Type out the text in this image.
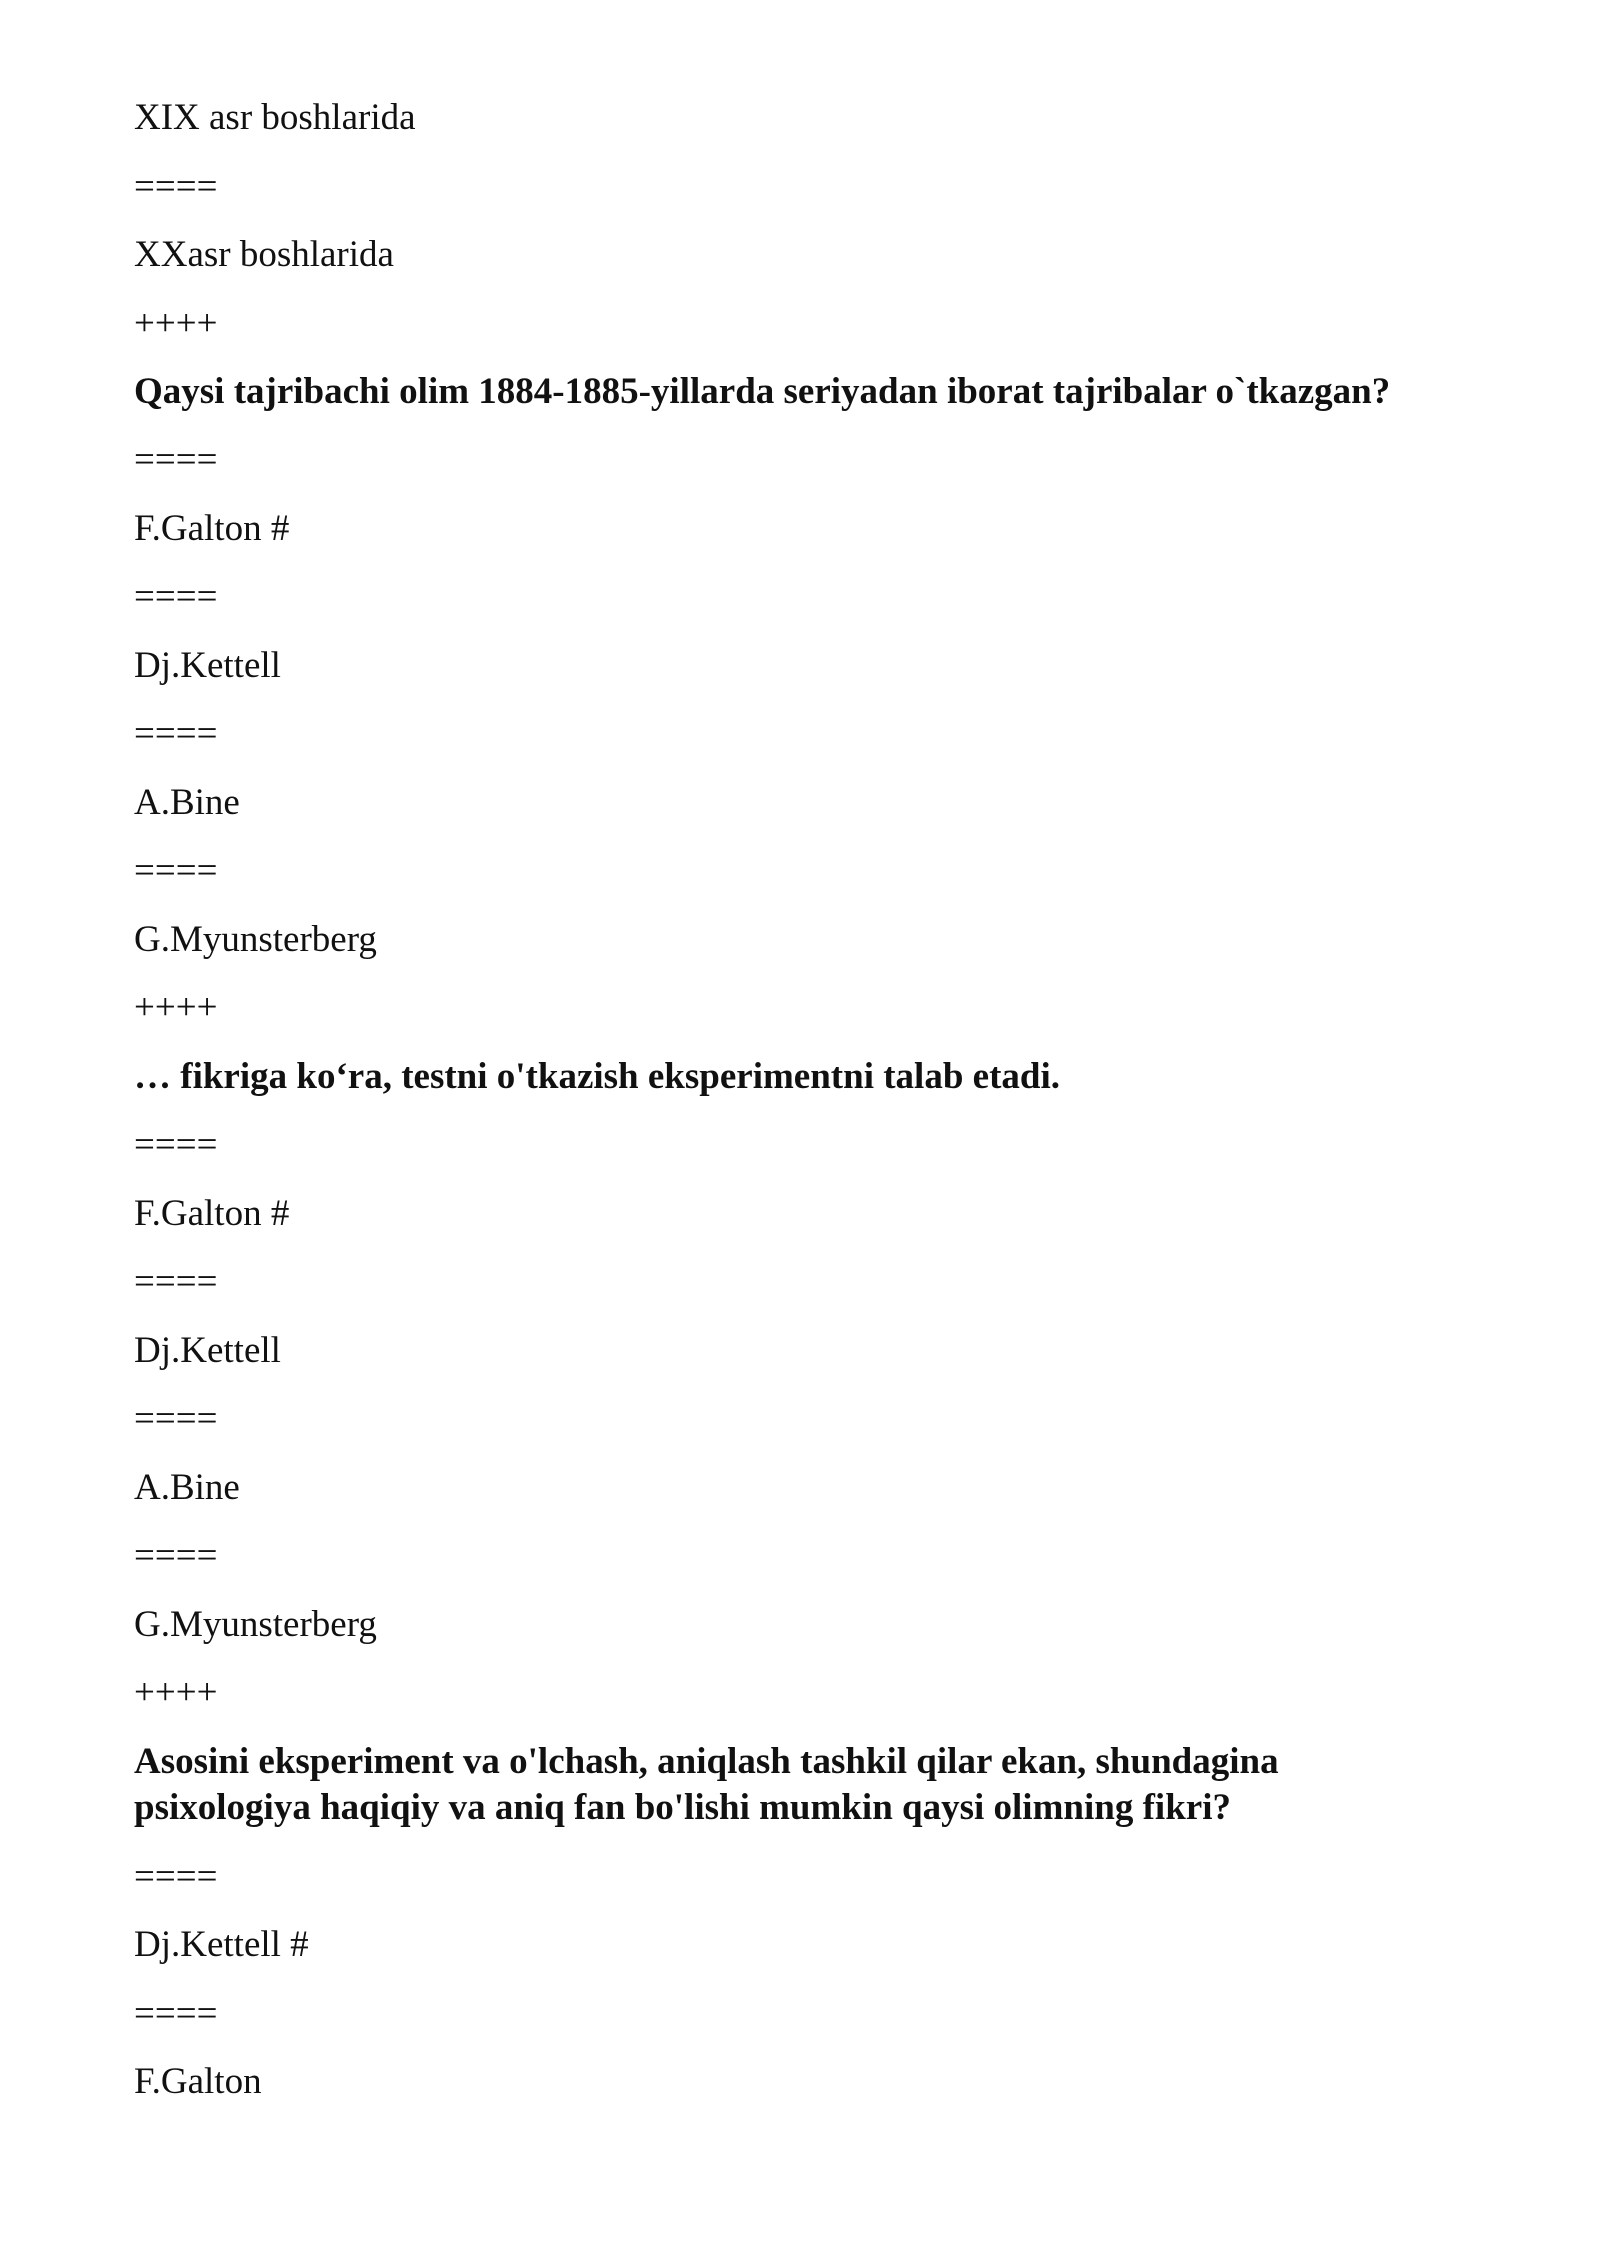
XIX asr boshlarida
====
XXasr boshlarida
++++
Qaysi tajribachi olim 1884-1885-yillarda seriyadan iborat tajribalar o`tkazgan?
====
F.Galton #
====
Dj.Kettell
====
A.Bine
====
G.Myunsterberg
++++
… fikriga ko‘ra, testni o'tkazish eksperimentni talab etadi.
====
F.Galton #
====
Dj.Kettell
====
A.Bine
====
G.Myunsterberg
++++
Asosini eksperiment va o'lchash, aniqlash tashkil qilar ekan, shundagina psixologiya haqiqiy va aniq fan bo'lishi mumkin qaysi olimning fikri?
====
Dj.Kettell #
====
F.Galton
